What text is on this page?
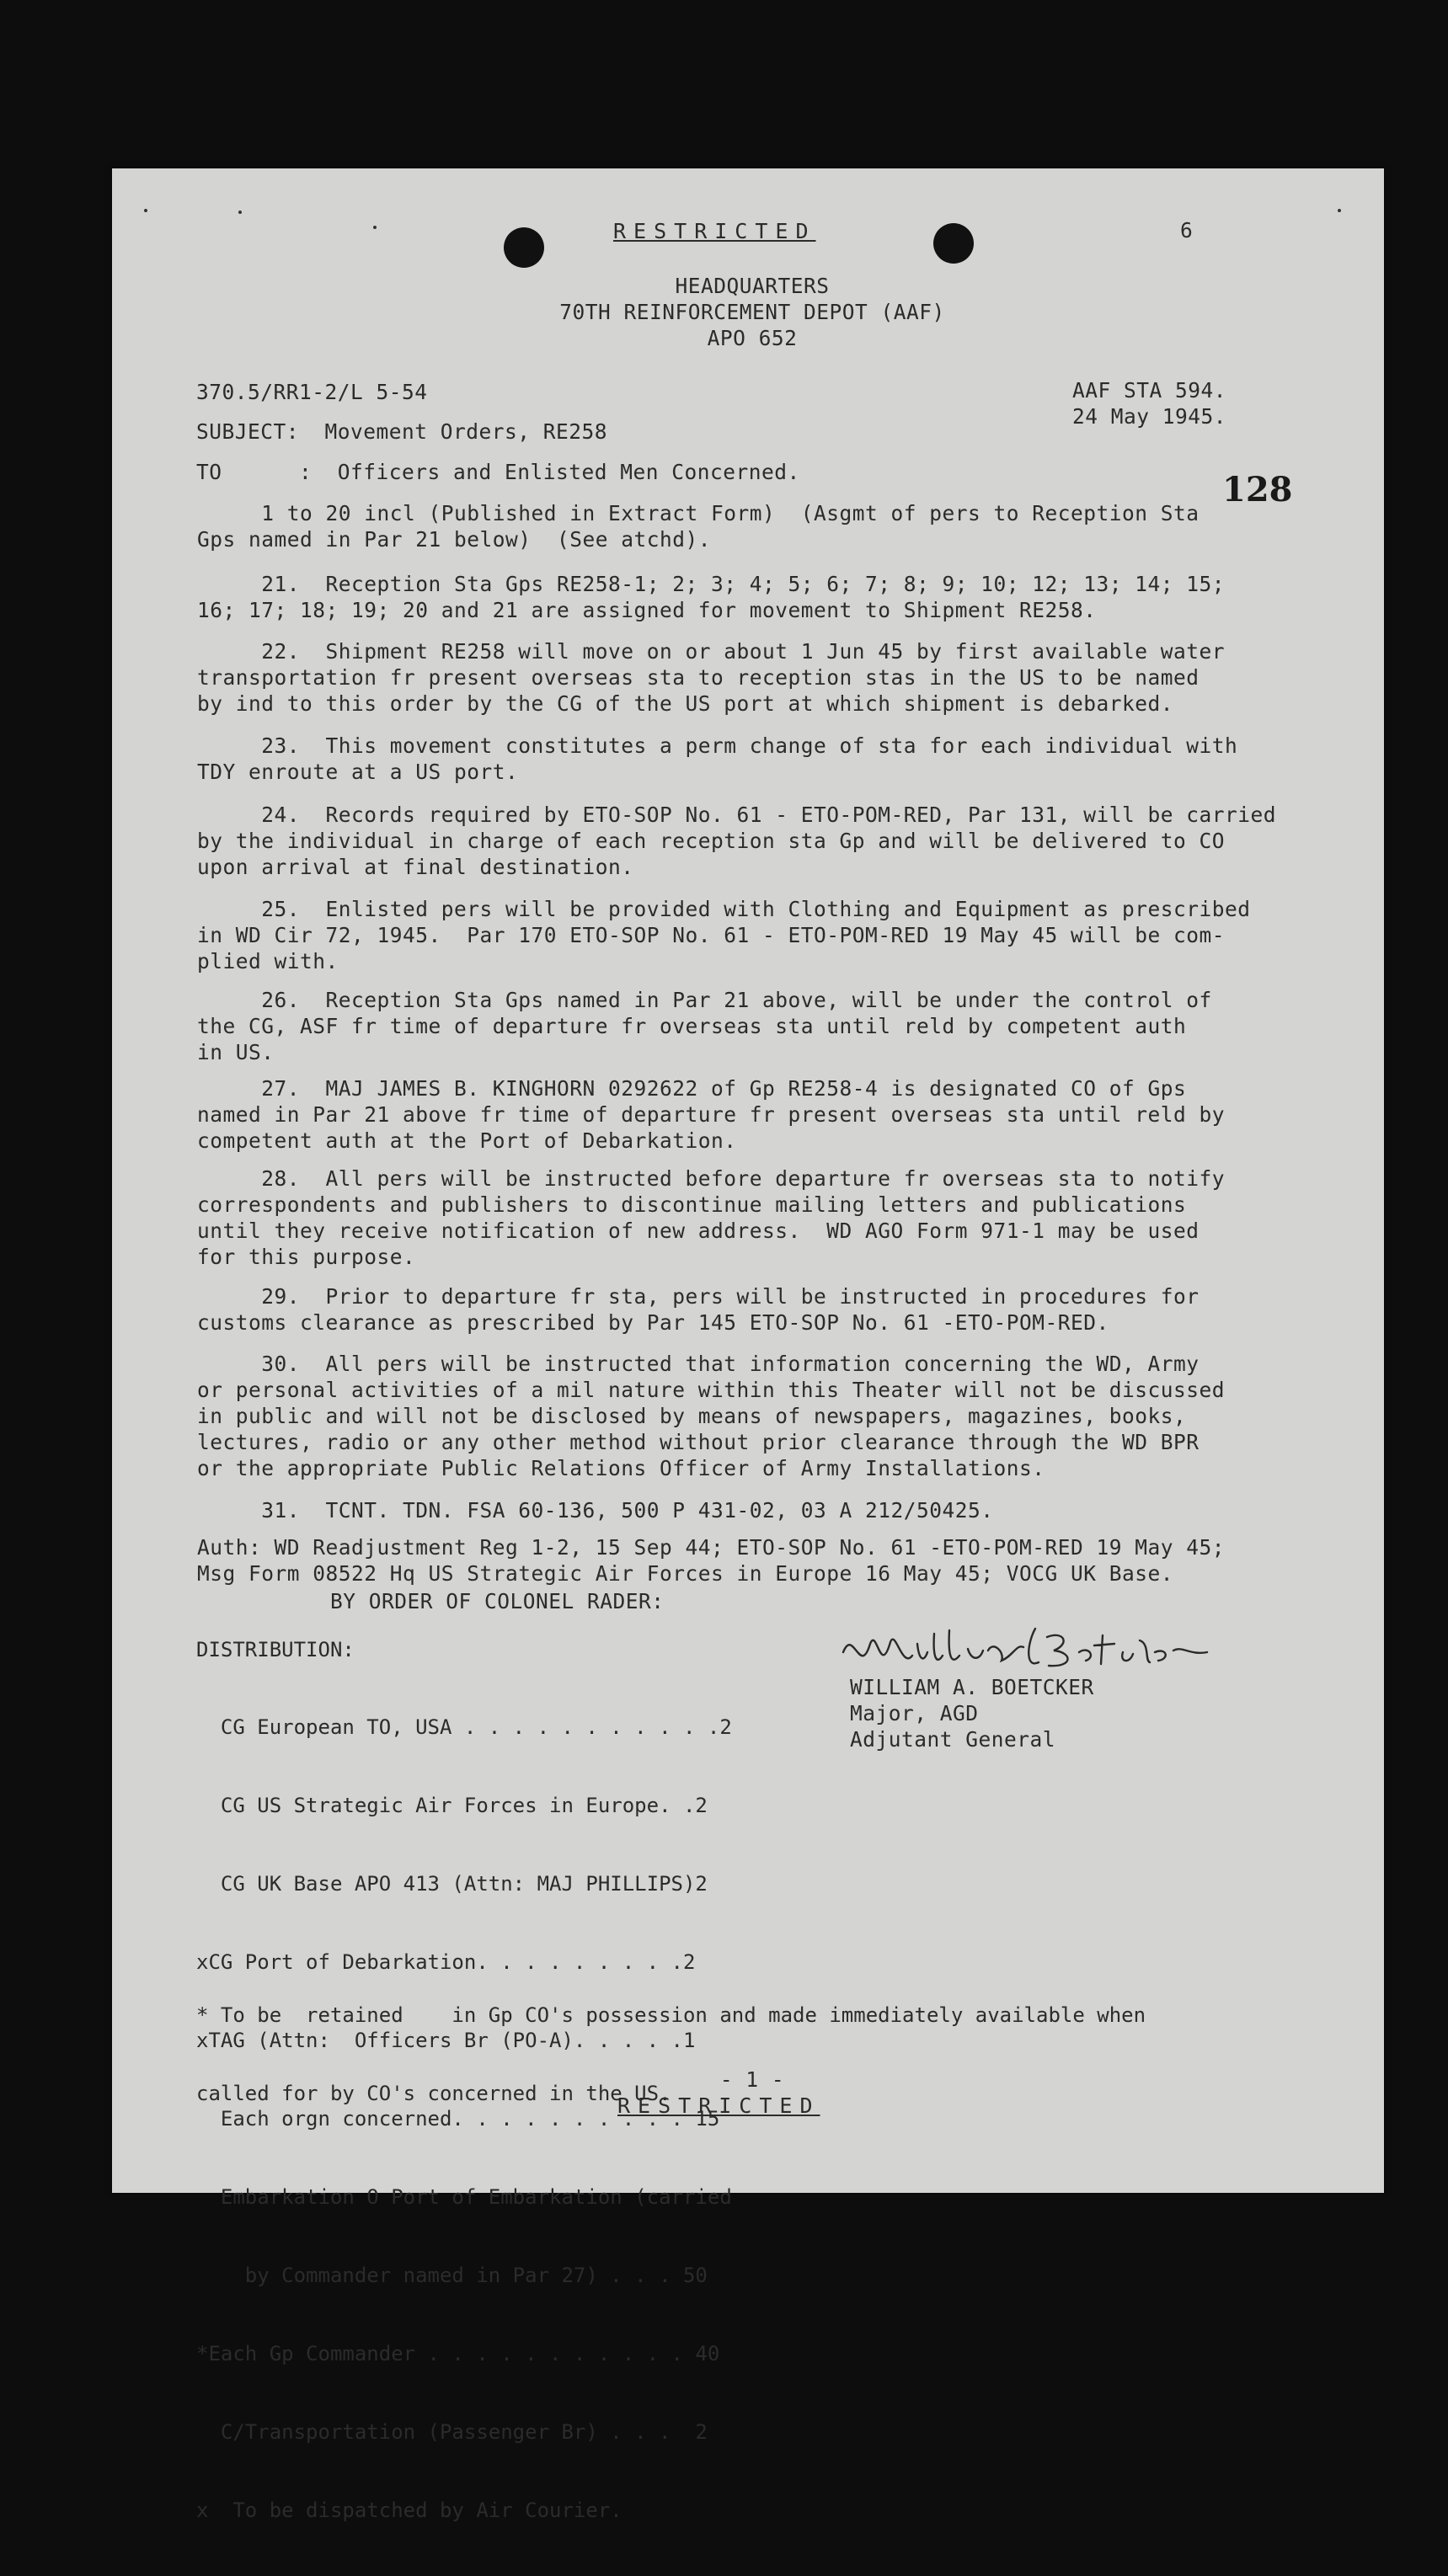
RESTRICTED	6
HEADQUARTERS
70TH REINFORCEMENT DEPOT (AAF)
APO 652
370.5/RR1-2/L 5-54	AAF STA 594.
24 May 1945.
128
SUBJECT:  Movement Orders, RE258
TO      :  Officers and Enlisted Men Concerned.
1 to 20 incl (Published in Extract Form)  (Asgmt of pers to Reception Sta
Gps named in Par 21 below)  (See atchd).
21.  Reception Sta Gps RE258-1; 2; 3; 4; 5; 6; 7; 8; 9; 10; 12; 13; 14; 15;
16; 17; 18; 19; 20 and 21 are assigned for movement to Shipment RE258.
22.  Shipment RE258 will move on or about 1 Jun 45 by first available water
transportation fr present overseas sta to reception stas in the US to be named
by ind to this order by the CG of the US port at which shipment is debarked.
23.  This movement constitutes a perm change of sta for each individual with
TDY enroute at a US port.
24.  Records required by ETO-SOP No. 61 - ETO-POM-RED, Par 131, will be carried
by the individual in charge of each reception sta Gp and will be delivered to CO
upon arrival at final destination.
25.  Enlisted pers will be provided with Clothing and Equipment as prescribed
in WD Cir 72, 1945.  Par 170 ETO-SOP No. 61 - ETO-POM-RED 19 May 45 will be com-
plied with.
26.  Reception Sta Gps named in Par 21 above, will be under the control of
the CG, ASF fr time of departure fr overseas sta until reld by competent auth
in US.
27.  MAJ JAMES B. KINGHORN 0292622 of Gp RE258-4 is designated CO of Gps
named in Par 21 above fr time of departure fr present overseas sta until reld by
competent auth at the Port of Debarkation.
28.  All pers will be instructed before departure fr overseas sta to notify
correspondents and publishers to discontinue mailing letters and publications
until they receive notification of new address.  WD AGO Form 971-1 may be used
for this purpose.
29.  Prior to departure fr sta, pers will be instructed in procedures for
customs clearance as prescribed by Par 145 ETO-SOP No. 61 -ETO-POM-RED.
30.  All pers will be instructed that information concerning the WD, Army
or personal activities of a mil nature within this Theater will not be discussed
in public and will not be disclosed by means of newspapers, magazines, books,
lectures, radio or any other method without prior clearance through the WD BPR
or the appropriate Public Relations Officer of Army Installations.
31.  TCNT. TDN. FSA 60-136, 500 P 431-02, 03 A 212/50425.
Auth: WD Readjustment Reg 1-2, 15 Sep 44; ETO-SOP No. 61 -ETO-POM-RED 19 May 45;
Msg Form 08522 Hq US Strategic Air Forces in Europe 16 May 45; VOCG UK Base.
BY ORDER OF COLONEL RADER:
DISTRIBUTION:

CG European TO, USA . . . . . . . . . . .2

CG US Strategic Air Forces in Europe. .2

CG UK Base APO 413 (Attn: MAJ PHILLIPS)2

xCG Port of Debarkation. . . . . . . . .2

xTAG (Attn:  Officers Br (PO-A). . . . .1

Each orgn concerned. . . . . . . . . . 15

Embarkation O Port of Embarkation (carried

by Commander named in Par 27) . . . 50

*Each Gp Commander . . . . . . . . . . . 40

C/Transportation (Passenger Br) . . .  2

x  To be dispatched by Air Courier.

* To be  retained    in Gp CO's possession and made immediately available when

called for by CO's concerned in the US.

WILLIAM A. BOETCKER
Major, AGD
Adjutant General
- 1 -
RESTRICTED
